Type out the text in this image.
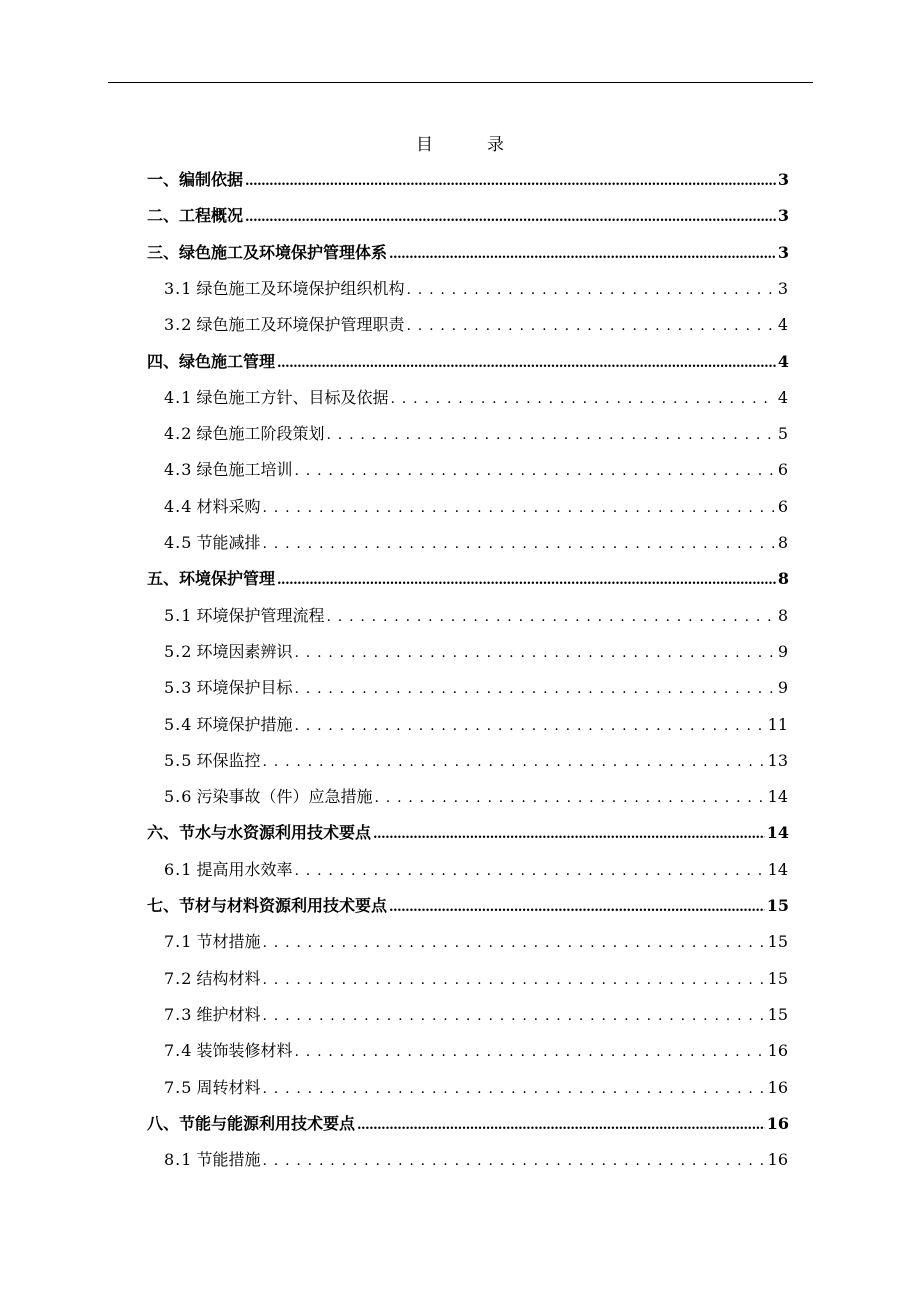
目          录
一、 编制依据 .....	3
二、 工程概况 .....	3
三、 绿色施工及环境保护管理体系 .....	3
3.1 绿色施工及环境保护组织机构 . . .	3
3.2 绿色施工及环境保护管理职责 . . .	4
四、 绿色施工管理 .....	4
4.1 绿色施工方针、目标及依据 . . .	4
4.2 绿色施工阶段策划 . . .	5
4.3 绿色施工培训 . . .	6
4.4 材料采购 . . .	6
4.5 节能减排 . . .	8
五、 环境保护管理 .....	8
5.1 环境保护管理流程 . . .	8
5.2 环境因素辨识 . . .	9
5.3 环境保护目标 . . .	9
5.4 环境保护措施 . . .	11
5.5 环保监控 . . .	13
5.6 污染事故（件）应急措施 . . .	14
六、 节水与水资源利用技术要点 .....	14
6.1 提高用水效率 . . .	14
七、 节材与材料资源利用技术要点 .....	15
7.1 节材措施 . . .	15
7.2 结构材料 . . .	15
7.3 维护材料 . . .	15
7.4 装饰装修材料 . . .	16
7.5 周转材料 . . .	16
八、 节能与能源利用技术要点 .....	16
8.1 节能措施 . . .	16
